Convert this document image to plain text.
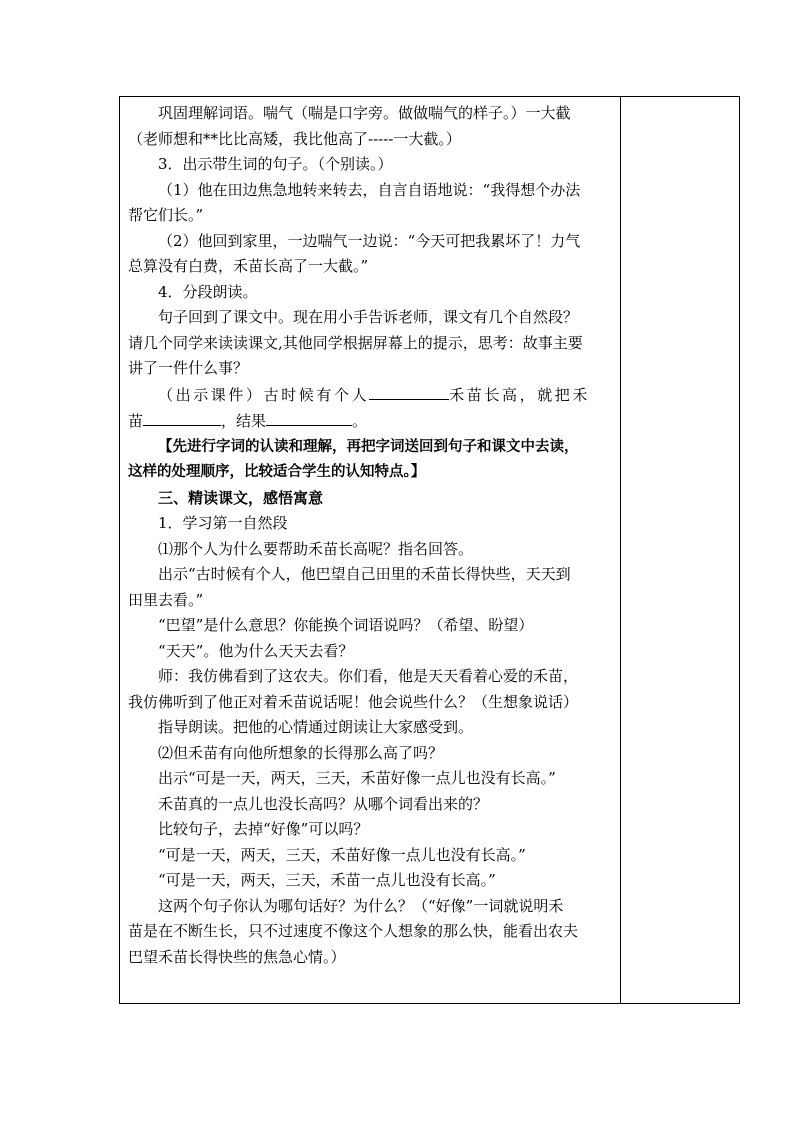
巩固理解词语。喘气（喘是口字旁。做做喘气的样子。）一大截

（老师想和**比比高矮，我比他高了-----一大截。）

3．出示带生词的句子。（个别读。）

（1）他在田边焦急地转来转去，自言自语地说：“我得想个办法

帮它们长。”

（2）他回到家里，一边喘气一边说：“今天可把我累坏了！力气

总算没有白费，禾苗长高了一大截。”

4．分段朗读。

句子回到了课文中。现在用小手告诉老师，课文有几个自然段？

请几个同学来读读课文,其他同学根据屏幕上的提示，思考：故事主要

讲了一件什么事？

（出示课件）古时候有个人	禾苗长高，就把禾

苗	，结果	。

【先进行字词的认读和理解，再把字词送回到句子和课文中去读，

这样的处理顺序，比较适合学生的认知特点。】

三、精读课文，感悟寓意

1．学习第一自然段

⑴那个人为什么要帮助禾苗长高呢？指名回答。

出示“古时候有个人，他巴望自己田里的禾苗长得快些，天天到

田里去看。”

“巴望”是什么意思？你能换个词语说吗？（希望、盼望）

“天天”。他为什么天天去看？

师：我仿佛看到了这农夫。你们看，他是天天看着心爱的禾苗，

我仿佛听到了他正对着禾苗说话呢！他会说些什么？（生想象说话）

指导朗读。把他的心情通过朗读让大家感受到。

⑵但禾苗有向他所想象的长得那么高了吗？

出示“可是一天，两天，三天，禾苗好像一点儿也没有长高。”

禾苗真的一点儿也没长高吗？从哪个词看出来的？

比较句子，去掉“好像”可以吗？

“可是一天，两天，三天，禾苗好像一点儿也没有长高。”

“可是一天，两天，三天，禾苗一点儿也没有长高。”

这两个句子你认为哪句话好？为什么？（“好像”一词就说明禾

苗是在不断生长，只不过速度不像这个人想象的那么快，能看出农夫

巴望禾苗长得快些的焦急心情。）
